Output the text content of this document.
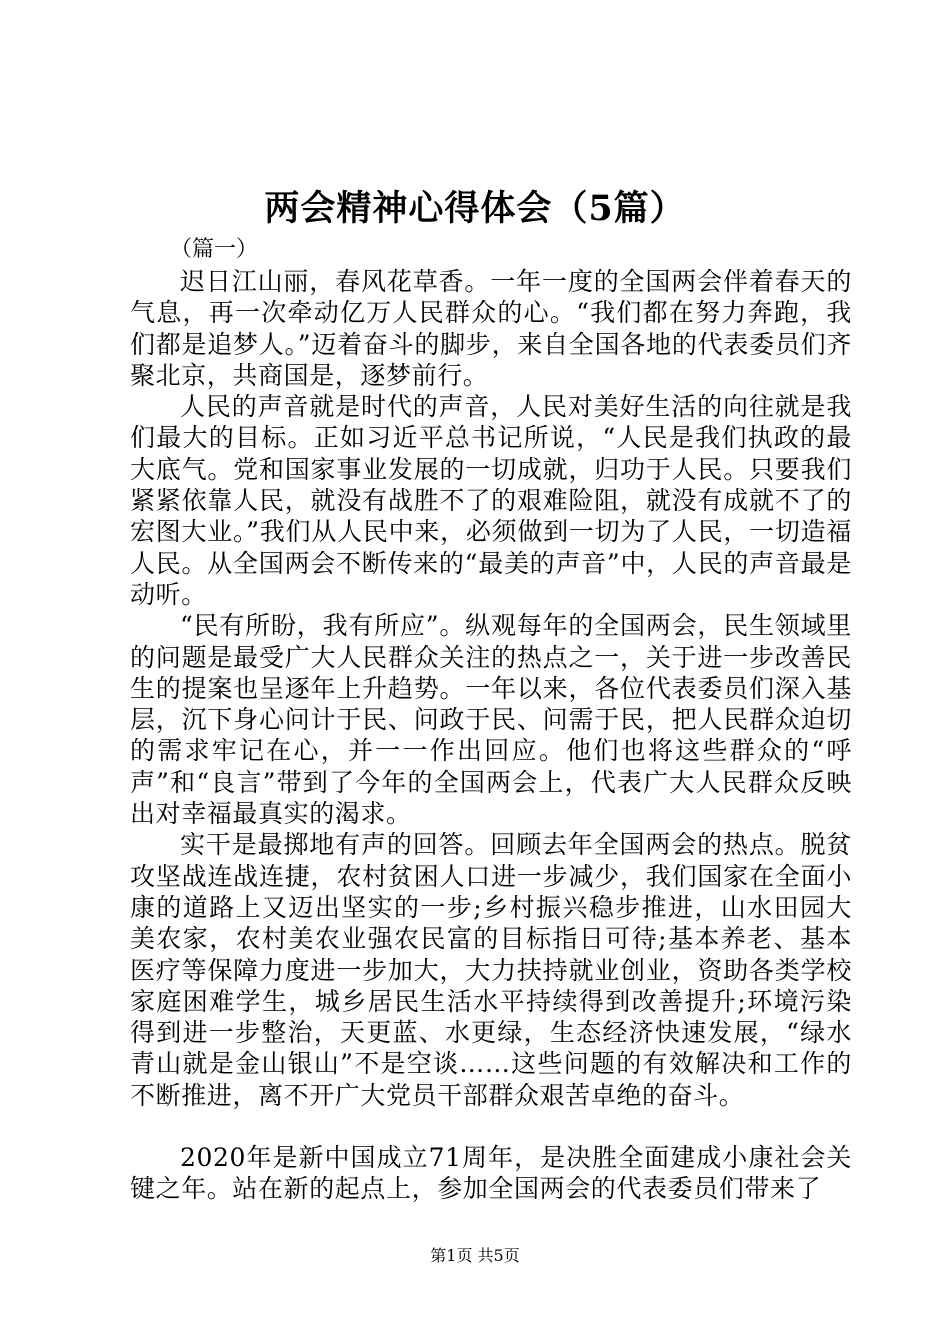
两会精神心得体会（5篇）

（篇一）

迟日江山丽，春风花草香。一年一度的全国两会伴着春天的气息，再一次牵动亿万人民群众的心。“我们都在努力奔跑，我们都是追梦人。”迈着奋斗的脚步，来自全国各地的代表委员们齐聚北京，共商国是，逐梦前行。

人民的声音就是时代的声音，人民对美好生活的向往就是我们最大的目标。正如习近平总书记所说，“人民是我们执政的最大底气。党和国家事业发展的一切成就，归功于人民。只要我们紧紧依靠人民，就没有战胜不了的艰难险阻，就没有成就不了的宏图大业。”我们从人民中来，必须做到一切为了人民，一切造福人民。从全国两会不断传来的“最美的声音”中，人民的声音最是动听。

“民有所盼，我有所应”。纵观每年的全国两会，民生领域里的问题是最受广大人民群众关注的热点之一，关于进一步改善民生的提案也呈逐年上升趋势。一年以来，各位代表委员们深入基层，沉下身心问计于民、问政于民、问需于民，把人民群众迫切的需求牢记在心，并一一作出回应。他们也将这些群众的“呼声”和“良言”带到了今年的全国两会上，代表广大人民群众反映出对幸福最真实的渴求。

实干是最掷地有声的回答。回顾去年全国两会的热点。脱贫攻坚战连战连捷，农村贫困人口进一步减少，我们国家在全面小康的道路上又迈出坚实的一步;乡村振兴稳步推进，山水田园大美农家，农村美农业强农民富的目标指日可待;基本养老、基本医疗等保障力度进一步加大，大力扶持就业创业，资助各类学校家庭困难学生，城乡居民生活水平持续得到改善提升;环境污染得到进一步整治，天更蓝、水更绿，生态经济快速发展，“绿水青山就是金山银山”不是空谈……这些问题的有效解决和工作的不断推进，离不开广大党员干部群众艰苦卓绝的奋斗。

2020年是新中国成立71周年，是决胜全面建成小康社会关键之年。站在新的起点上，参加全国两会的代表委员们带来了

第1页 共5页
